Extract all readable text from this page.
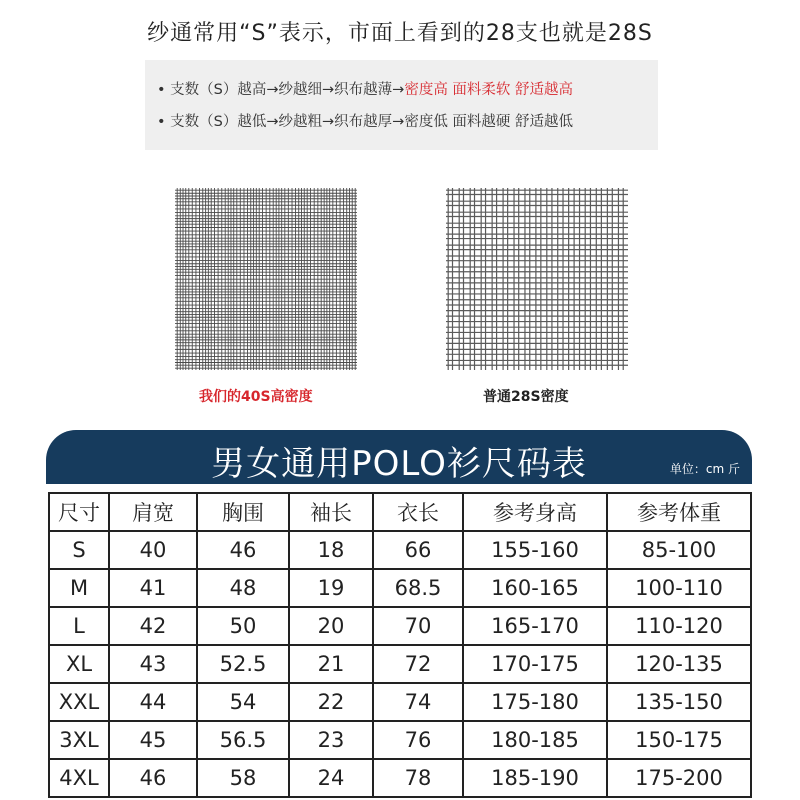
纱通常用“S”表示，市面上看到的28支也就是28S
• 支数（S）越高→纱越细→织布越薄→密度高 面料柔软 舒适越高
• 支数（S）越低→纱越粗→织布越厚→密度低 面料越硬 舒适越低
我们的40S高密度	普通28S密度
男女通用POLO衫尺码表	单位：cm 斤
尺寸	肩宽	胸围	袖长	衣长	参考身高	参考体重
S	40	46	18	66	155-160	85-100
M	41	48	19	68.5	160-165	100-110
L	42	50	20	70	165-170	110-120
XL	43	52.5	21	72	170-175	120-135
XXL	44	54	22	74	175-180	135-150
3XL	45	56.5	23	76	180-185	150-175
4XL	46	58	24	78	185-190	175-200
